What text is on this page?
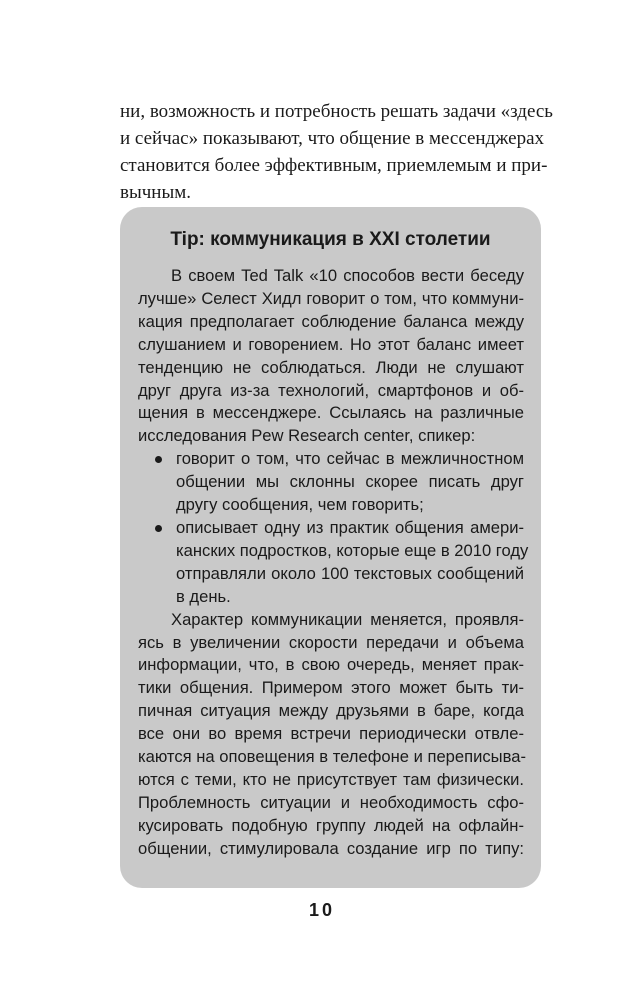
ни, возможность и потребность решать задачи «здесь
и сейчас» показывают, что общение в мессенджерах
становится более эффективным, приемлемым и при-
вычным.
Tip: коммуникация в XXI столетии
В своем Ted Talk «10 способов вести беседу
лучше» Селест Хидл говорит о том, что коммуни-
кация предполагает соблюдение баланса между
слушанием и говорением. Но этот баланс имеет
тенденцию не соблюдаться. Люди не слушают
друг друга из-за технологий, смартфонов и об-
щения в мессенджере. Ссылаясь на различные
исследования Pew Research center, спикер:
говорит о том, что сейчас в межличностном
общении мы склонны скорее писать друг
другу сообщения, чем говорить;
описывает одну из практик общения амери-
канских подростков, которые еще в 2010 году
отправляли около 100 текстовых сообщений
в день.
Характер коммуникации меняется, проявля-
ясь в увеличении скорости передачи и объема
информации, что, в свою очередь, меняет прак-
тики общения. Примером этого может быть ти-
пичная ситуация между друзьями в баре, когда
все они во время встречи периодически отвле-
каются на оповещения в телефоне и переписыва-
ются с теми, кто не присутствует там физически.
Проблемность ситуации и необходимость сфо-
кусировать подобную группу людей на офлайн-
общении, стимулировала создание игр по типу:
10
